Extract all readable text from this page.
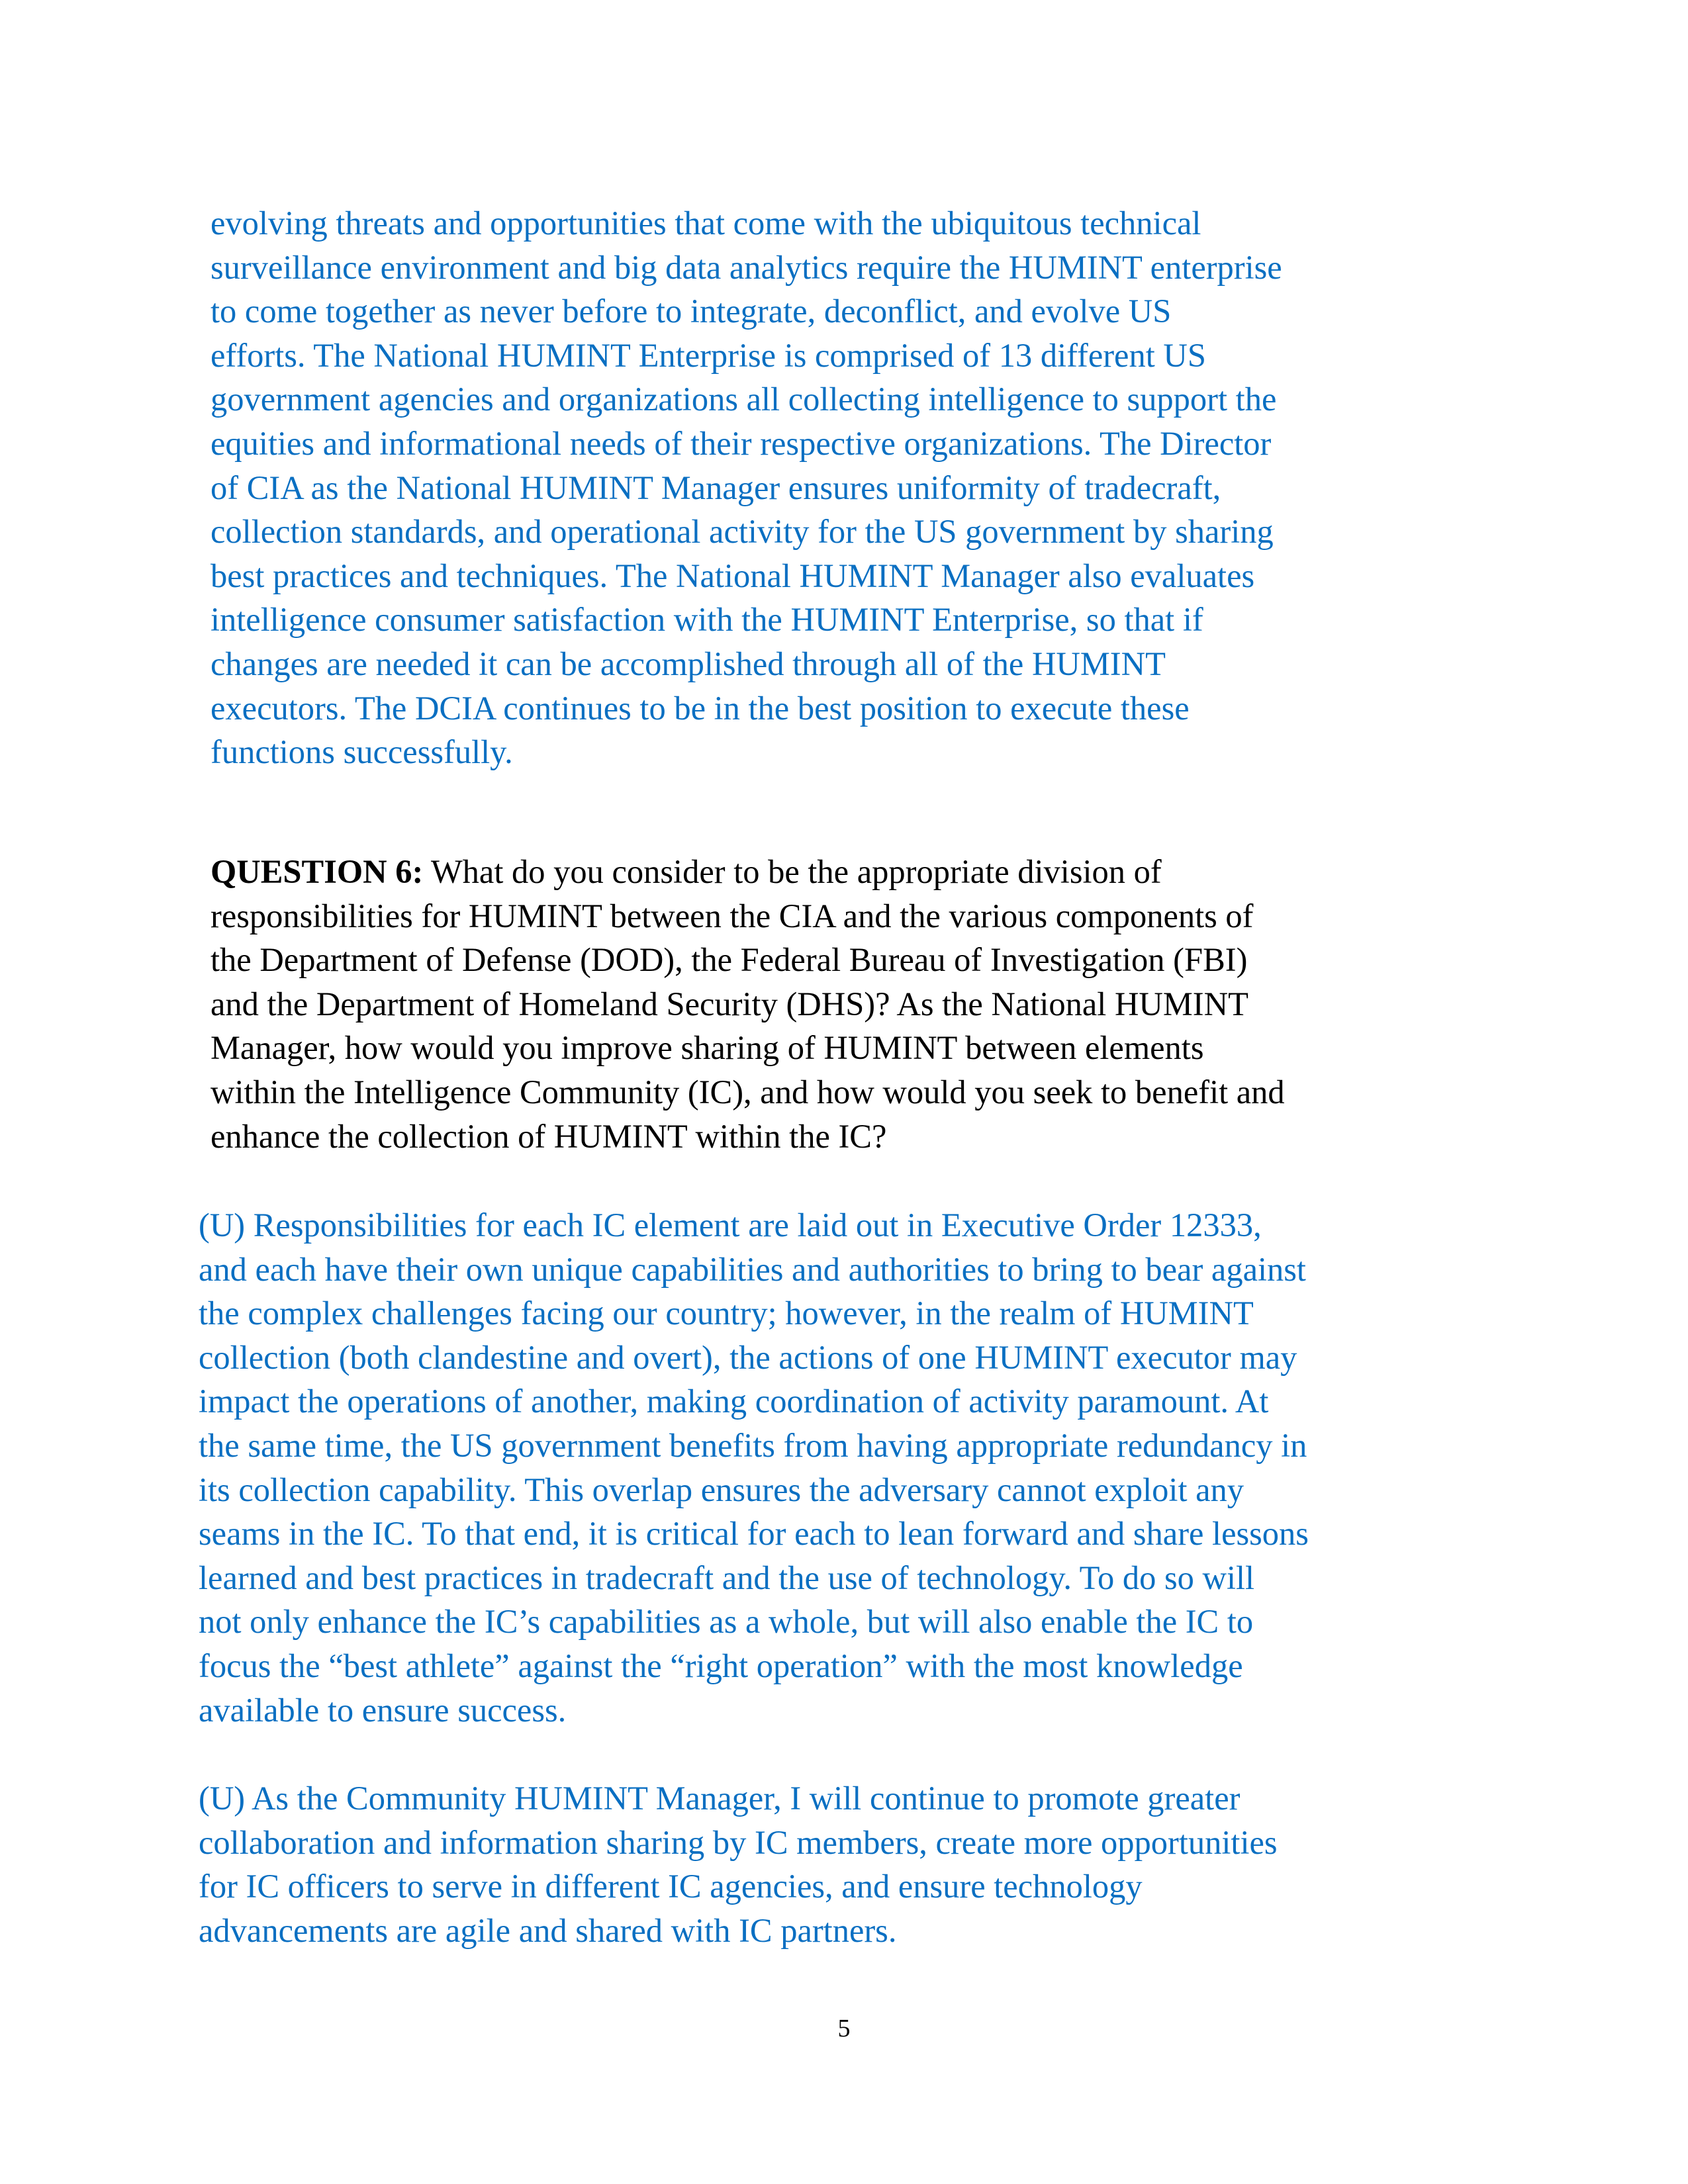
evolving threats and opportunities that come with the ubiquitous technical
surveillance environment and big data analytics require the HUMINT enterprise
to come together as never before to integrate, deconflict, and evolve US
efforts. The National HUMINT Enterprise is comprised of 13 different US
government agencies and organizations all collecting intelligence to support the
equities and informational needs of their respective organizations. The Director
of CIA as the National HUMINT Manager ensures uniformity of tradecraft,
collection standards, and operational activity for the US government by sharing
best practices and techniques. The National HUMINT Manager also evaluates
intelligence consumer satisfaction with the HUMINT Enterprise, so that if
changes are needed it can be accomplished through all of the HUMINT
executors. The DCIA continues to be in the best position to execute these
functions successfully.
QUESTION 6: What do you consider to be the appropriate division of
responsibilities for HUMINT between the CIA and the various components of
the Department of Defense (DOD), the Federal Bureau of Investigation (FBI)
and the Department of Homeland Security (DHS)? As the National HUMINT
Manager, how would you improve sharing of HUMINT between elements
within the Intelligence Community (IC), and how would you seek to benefit and
enhance the collection of HUMINT within the IC?
(U) Responsibilities for each IC element are laid out in Executive Order 12333,
and each have their own unique capabilities and authorities to bring to bear against
the complex challenges facing our country; however, in the realm of HUMINT
collection (both clandestine and overt), the actions of one HUMINT executor may
impact the operations of another, making coordination of activity paramount. At
the same time, the US government benefits from having appropriate redundancy in
its collection capability. This overlap ensures the adversary cannot exploit any
seams in the IC. To that end, it is critical for each to lean forward and share lessons
learned and best practices in tradecraft and the use of technology. To do so will
not only enhance the IC’s capabilities as a whole, but will also enable the IC to
focus the “best athlete” against the “right operation” with the most knowledge
available to ensure success.
(U) As the Community HUMINT Manager, I will continue to promote greater
collaboration and information sharing by IC members, create more opportunities
for IC officers to serve in different IC agencies, and ensure technology
advancements are agile and shared with IC partners.
5
